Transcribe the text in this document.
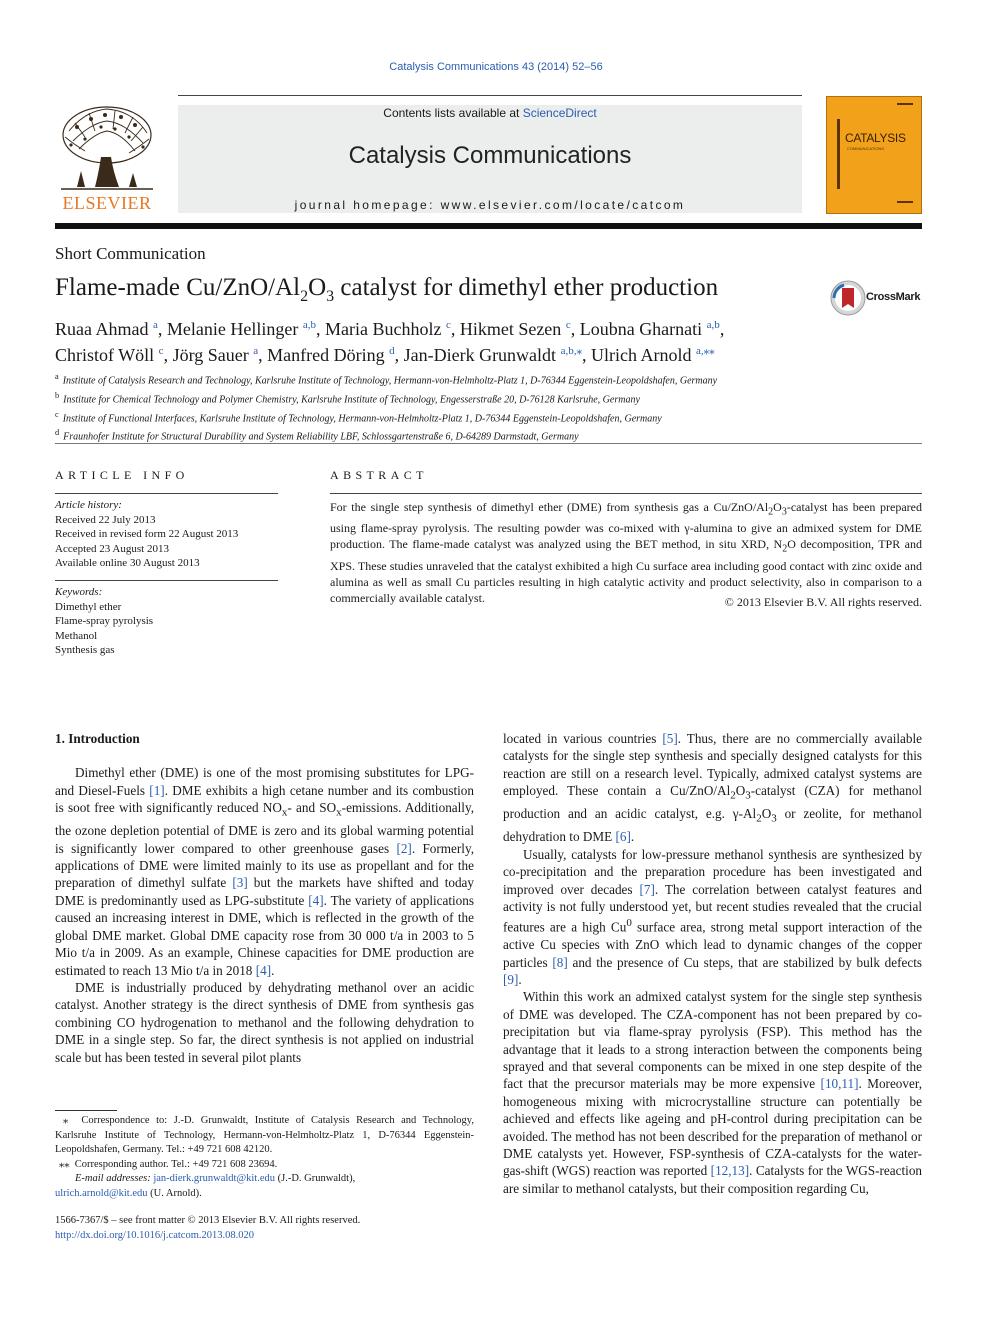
Catalysis Communications 43 (2014) 52–56
ELSEVIER
Contents lists available at ScienceDirect
Catalysis Communications
journal homepage: www.elsevier.com/locate/catcom
CATALYSIS
COMMUNICATIONS
Short Communication
Flame-made $Cu/ZnO/Al_2O_3$ catalyst for dimethyl ether production	CrossMark
Ruaa Ahmad $^a$, Melanie Hellinger $^{a,b}$, Maria Buchholz $^c$, Hikmet Sezen $^c$, Loubna Gharnati $^{a,b}$,
Christof Wöll $^c$, Jörg Sauer $^a$, Manfred Döring $^d$, Jan-Dierk Grunwaldt $^{a,b,⁎}$, Ulrich Arnold $^{a,⁎⁎}$
$^a$ Institute of Catalysis Research and Technology, Karlsruhe Institute of Technology, Hermann-von-Helmholtz-Platz 1, D-76344 Eggenstein-Leopoldshafen, Germany
$^b$ Institute for Chemical Technology and Polymer Chemistry, Karlsruhe Institute of Technology, Engesserstraße 20, D-76128 Karlsruhe, Germany
$^c$ Institute of Functional Interfaces, Karlsruhe Institute of Technology, Hermann-von-Helmholtz-Platz 1, D-76344 Eggenstein-Leopoldshafen, Germany
$^d$ Fraunhofer Institute for Structural Durability and System Reliability LBF, Schlossgartenstraße 6, D-64289 Darmstadt, Germany
ARTICLE INFO
Article history:
Received 22 July 2013
Received in revised form 22 August 2013
Accepted 23 August 2013
Available online 30 August 2013
Keywords:
Dimethyl ether
Flame-spray pyrolysis
Methanol
Synthesis gas
ABSTRACT
For the single step synthesis of dimethyl ether (DME) from synthesis gas a $Cu/ZnO/Al_2O_3$-catalyst has been prepared using flame-spray pyrolysis. The resulting powder was co-mixed with γ-alumina to give an admixed system for DME production. The flame-made catalyst was analyzed using the BET method, in situ XRD, $N_2O$ decomposition, TPR and XPS. These studies unraveled that the catalyst exhibited a high Cu surface area including good contact with zinc oxide and alumina as well as small Cu particles resulting in high catalytic activity and product selectivity, also in comparison to a commercially available catalyst.	© 2013 Elsevier B.V. All rights reserved.
1. Introduction

Dimethyl ether (DME) is one of the most promising substitutes for LPG- and Diesel-Fuels [1]. DME exhibits a high cetane number and its combustion is soot free with significantly reduced $NO_x-$ and $SO_x$-emissions. Additionally, the ozone depletion potential of DME is zero and its global warming potential is significantly lower compared to other greenhouse gases [2]. Formerly, applications of DME were limited mainly to its use as propellant and for the preparation of dimethyl sulfate [3] but the markets have shifted and today DME is predominantly used as LPG-substitute [4]. The variety of applications caused an increasing interest in DME, which is reflected in the growth of the global DME market. Global DME capacity rose from 30 000 t/a in 2003 to 5 Mio t/a in 2009. As an example, Chinese capacities for DME production are estimated to reach 13 Mio t/a in 2018 [4].

DME is industrially produced by dehydrating methanol over an acidic catalyst. Another strategy is the direct synthesis of DME from synthesis gas combining CO hydrogenation to methanol and the following dehydration to DME in a single step. So far, the direct synthesis is not applied on industrial scale but has been tested in several pilot plants

located in various countries [5]. Thus, there are no commercially available catalysts for the single step synthesis and specially designed catalysts for this reaction are still on a research level. Typically, admixed catalyst systems are employed. These contain a $Cu/ZnO/Al_2O_3$-catalyst (CZA) for methanol production and an acidic catalyst, e.g. $\gamma-Al_2O_3$ or zeolite, for methanol dehydration to DME [6].

Usually, catalysts for low-pressure methanol synthesis are synthesized by co-precipitation and the preparation procedure has been investigated and improved over decades [7]. The correlation between catalyst features and activity is not fully understood yet, but recent studies revealed that the crucial features are a high Cu$^0$ surface area, strong metal support interaction of the active Cu species with ZnO which lead to dynamic changes of the copper particles [8] and the presence of Cu steps, that are stabilized by bulk defects [9].

Within this work an admixed catalyst system for the single step synthesis of DME was developed. The CZA-component has not been prepared by co-precipitation but via flame-spray pyrolysis (FSP). This method has the advantage that it leads to a strong interaction between the components being sprayed and that several components can be mixed in one step despite of the fact that the precursor materials may be more expensive [10,11]. Moreover, homogeneous mixing with microcrystalline structure can potentially be achieved and effects like ageing and pH-control during precipitation can be avoided. The method has not been described for the preparation of methanol or DME catalysts yet. However, FSP-synthesis of CZA-catalysts for the water-gas-shift (WGS) reaction was reported [12,13]. Catalysts for the WGS-reaction are similar to methanol catalysts, but their composition regarding Cu,

⁎ Correspondence to: J.-D. Grunwaldt, Institute of Catalysis Research and Technology, Karlsruhe Institute of Technology, Hermann-von-Helmholtz-Platz 1, D-76344 Eggenstein-Leopoldshafen, Germany. Tel.: +49 721 608 42120.

⁎⁎ Corresponding author. Tel.: +49 721 608 23694.

E-mail addresses: jan-dierk.grunwaldt@kit.edu (J.-D. Grunwaldt),
ulrich.arnold@kit.edu (U. Arnold).

1566-7367/$ – see front matter © 2013 Elsevier B.V. All rights reserved.
http://dx.doi.org/10.1016/j.catcom.2013.08.020
